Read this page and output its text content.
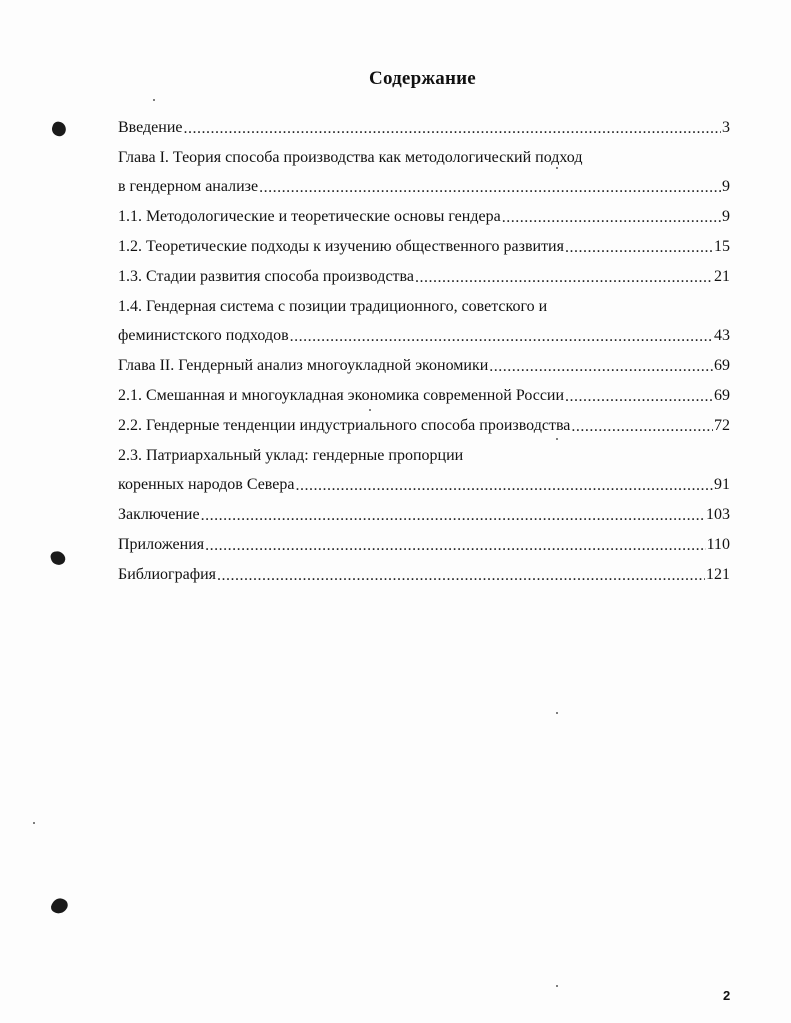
Содержание
Введение .....	3
Глава I. Теория способа производства как методологический подход
в гендерном анализе .....	9
1.1. Методологические и теоретические основы гендера .....	9
1.2. Теоретические подходы к изучению общественного развития .....	15
1.3. Стадии развития способа производства .....	21
1.4. Гендерная система с позиции традиционного, советского и
феминистского подходов .....	43
Глава II. Гендерный анализ многоукладной экономики .....	69
2.1. Смешанная и многоукладная экономика современной России .....	69
2.2. Гендерные тенденции индустриального способа производства .....	72
2.3. Патриархальный уклад: гендерные пропорции
коренных народов Севера .....	91
Заключение .....	103
Приложения .....	110
Библиография .....	121
2
